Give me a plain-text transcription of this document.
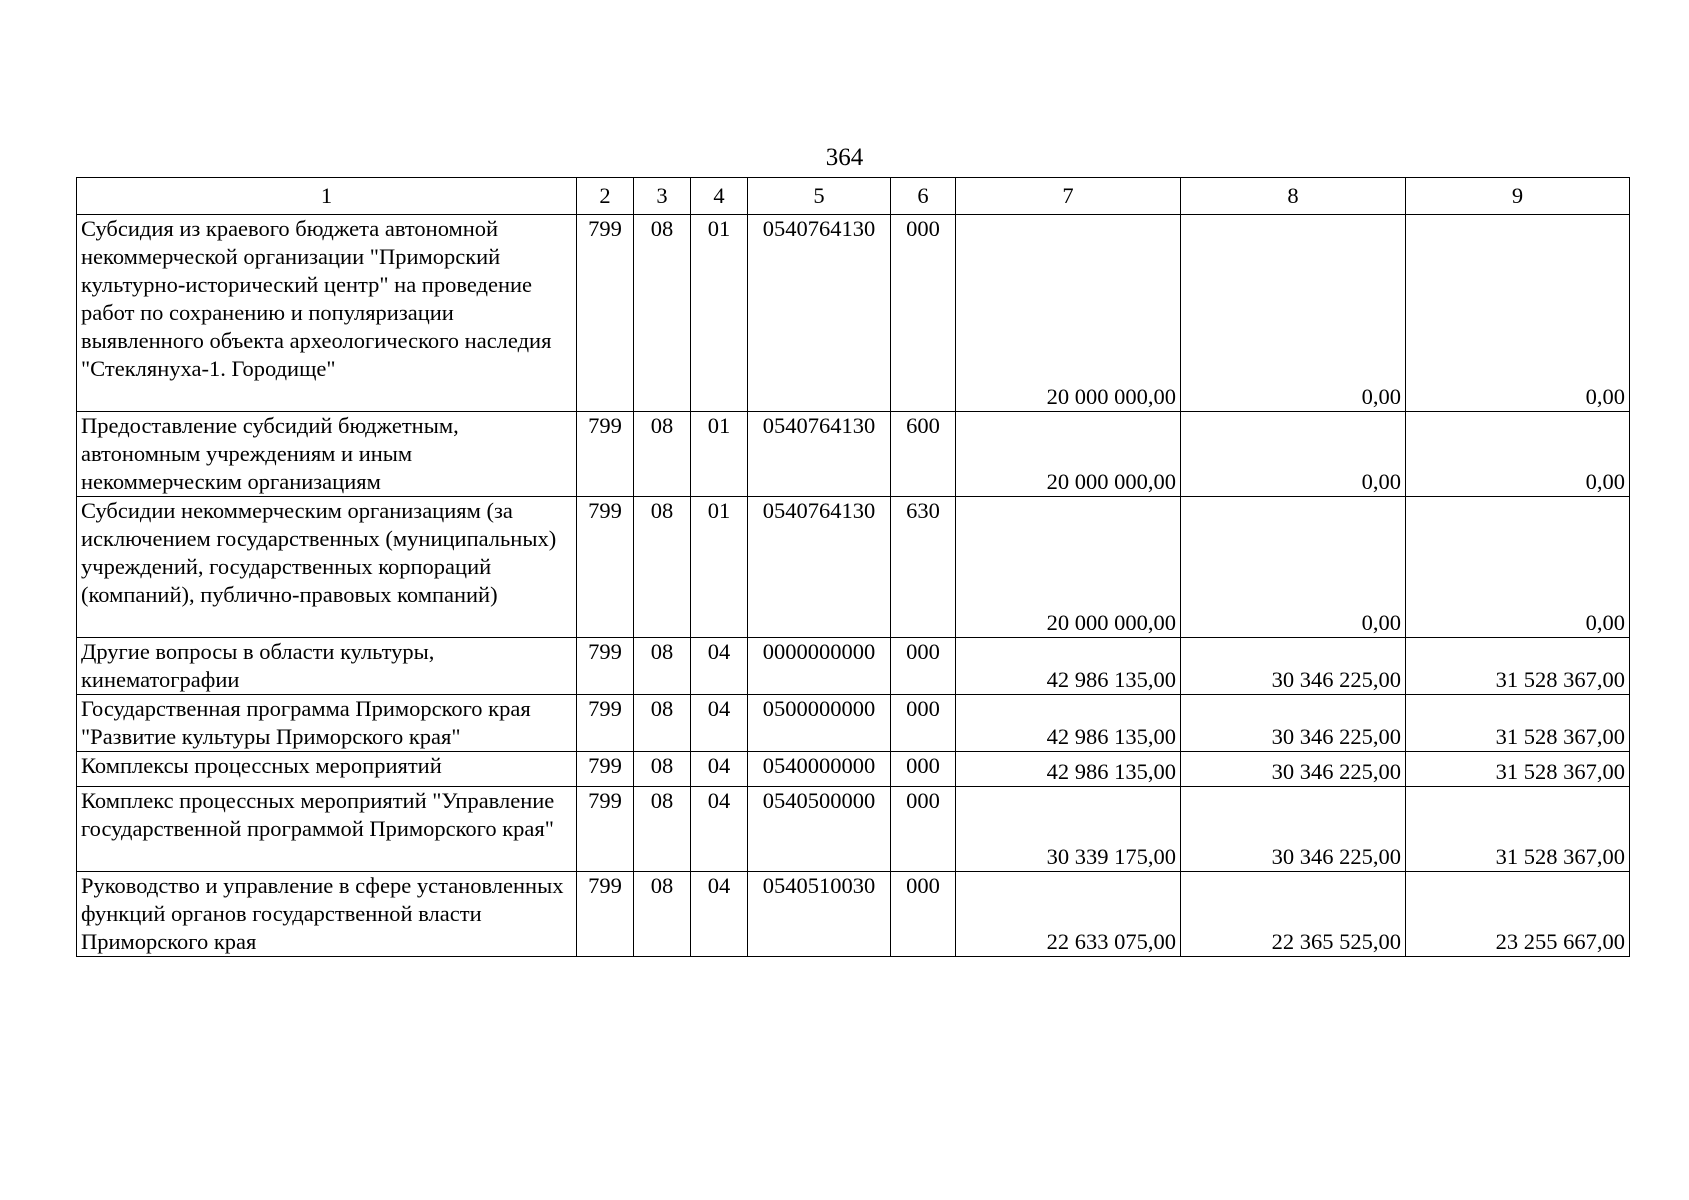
364
1	2	3	4	5	6	7	8	9
Субсидия из краевого бюджета автономной некоммерческой организации "Приморский культурно-исторический центр" на проведение работ по сохранению и популяризации выявленного объекта археологического наследия "Стеклянуха-1. Городище"	799	08	01	0540764130	000	20 000 000,00	0,00	0,00
Предоставление субсидий бюджетным, автономным учреждениям и иным некоммерческим организациям	799	08	01	0540764130	600	20 000 000,00	0,00	0,00
Субсидии некоммерческим организациям (за исключением государственных (муниципальных) учреждений, государственных корпораций (компаний), публично-правовых компаний)	799	08	01	0540764130	630	20 000 000,00	0,00	0,00
Другие вопросы в области культуры, кинематографии	799	08	04	0000000000	000	42 986 135,00	30 346 225,00	31 528 367,00
Государственная программа Приморского края "Развитие культуры Приморского края"	799	08	04	0500000000	000	42 986 135,00	30 346 225,00	31 528 367,00
Комплексы процессных мероприятий	799	08	04	0540000000	000	42 986 135,00	30 346 225,00	31 528 367,00
Комплекс процессных мероприятий "Управление государственной программой Приморского края"	799	08	04	0540500000	000	30 339 175,00	30 346 225,00	31 528 367,00
Руководство и управление в сфере установленных функций органов государственной власти Приморского края	799	08	04	0540510030	000	22 633 075,00	22 365 525,00	23 255 667,00
